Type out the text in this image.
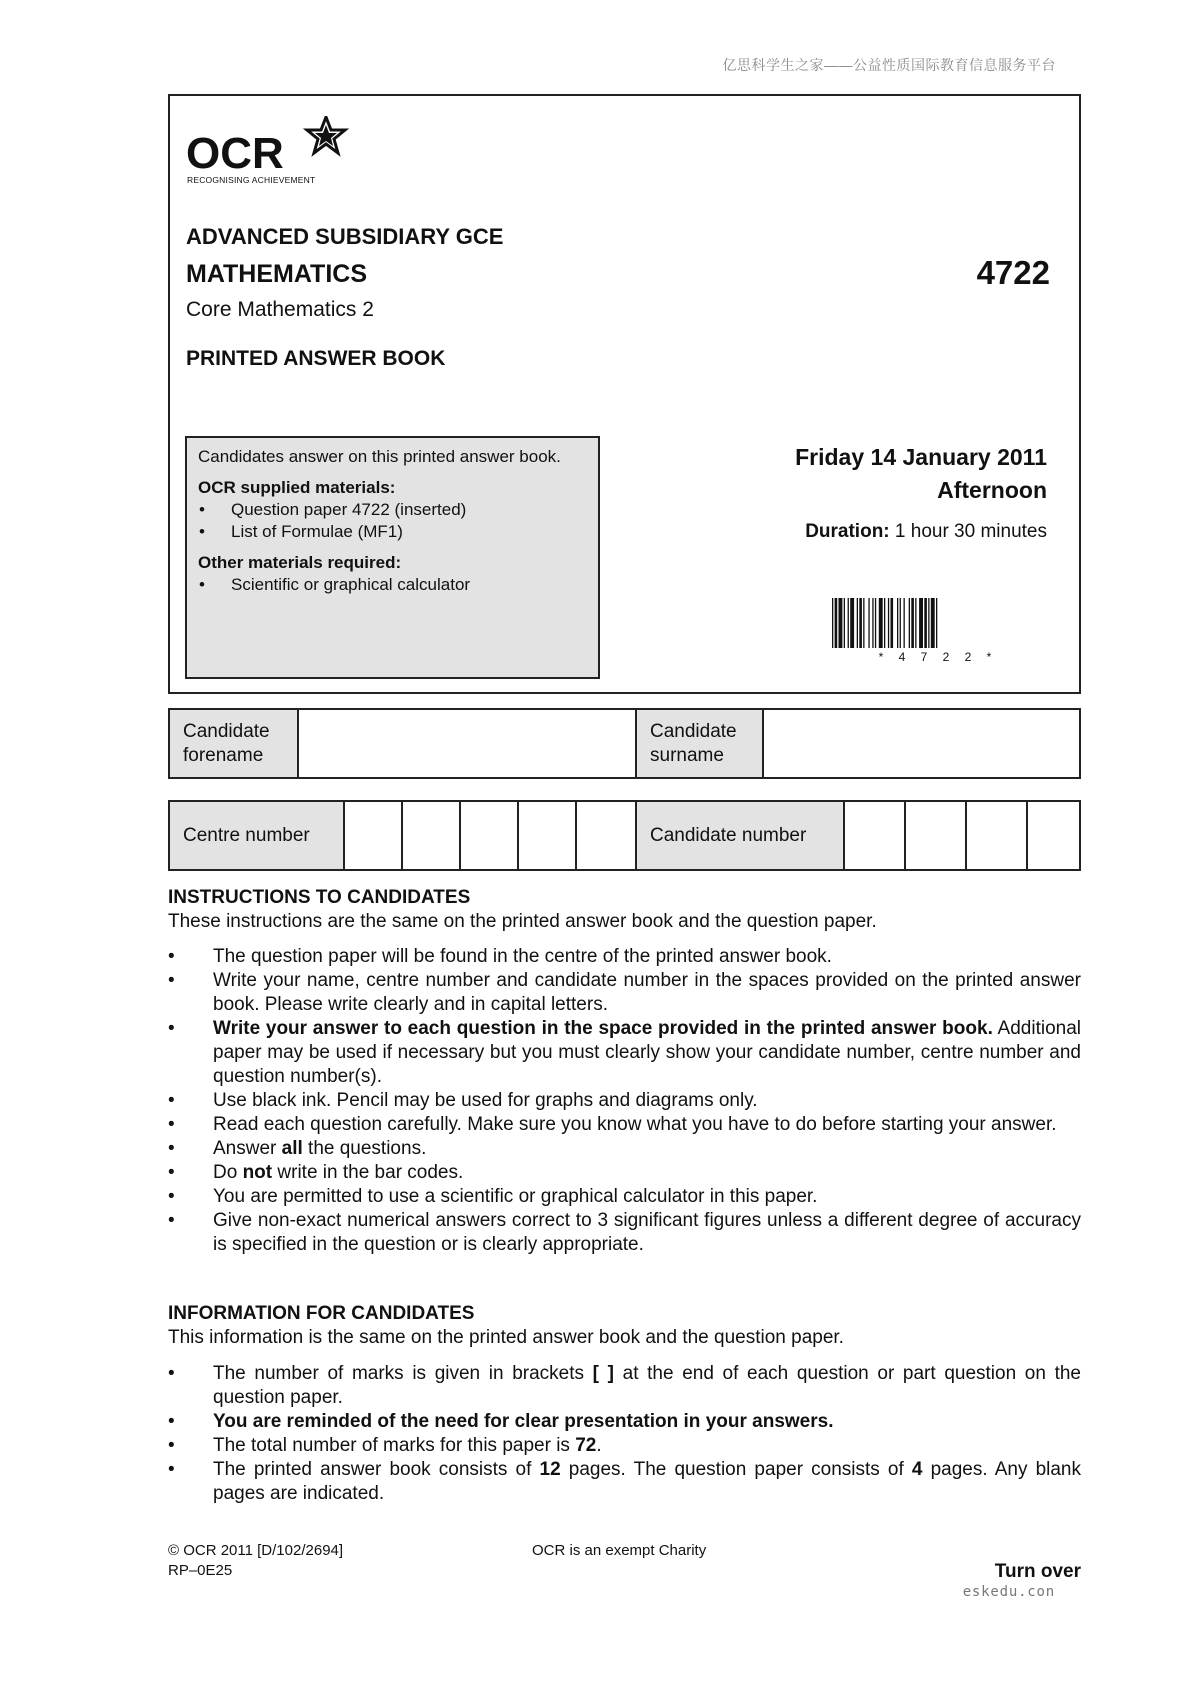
亿思科学生之家——公益性质国际教育信息服务平台
OCR
RECOGNISING ACHIEVEMENT
ADVANCED SUBSIDIARY GCE
MATHEMATICS	4722
Core Mathematics 2
PRINTED ANSWER BOOK
Candidates answer on this printed answer book.
OCR supplied materials:
• Question paper 4722 (inserted)
• List of Formulae (MF1)
Other materials required:
• Scientific or graphical calculator
Friday 14 January 2011
Afternoon
Duration: 1 hour 30 minutes
* 4 7 2 2 *
Candidate
forename
Candidate
surname
Centre number	Candidate number
INSTRUCTIONS TO CANDIDATES
These instructions are the same on the printed answer book and the question paper.
• The question paper will be found in the centre of the printed answer book.
• Write your name, centre number and candidate number in the spaces provided on the printed answer book. Please write clearly and in capital letters.
• Write your answer to each question in the space provided in the printed answer book. Additional paper may be used if necessary but you must clearly show your candidate number, centre number and question number(s).
• Use black ink. Pencil may be used for graphs and diagrams only.
• Read each question carefully. Make sure you know what you have to do before starting your answer.
• Answer all the questions.
• Do not write in the bar codes.
• You are permitted to use a scientific or graphical calculator in this paper.
• Give non-exact numerical answers correct to 3 significant figures unless a different degree of accuracy is specified in the question or is clearly appropriate.
INFORMATION FOR CANDIDATES
This information is the same on the printed answer book and the question paper.
• The number of marks is given in brackets [ ] at the end of each question or part question on the question paper.
• You are reminded of the need for clear presentation in your answers.
• The total number of marks for this paper is 72.
• The printed answer book consists of 12 pages. The question paper consists of 4 pages. Any blank pages are indicated.
© OCR 2011 [D/102/2694]
RP–0E25
OCR is an exempt Charity
Turn over
eskedu.con
